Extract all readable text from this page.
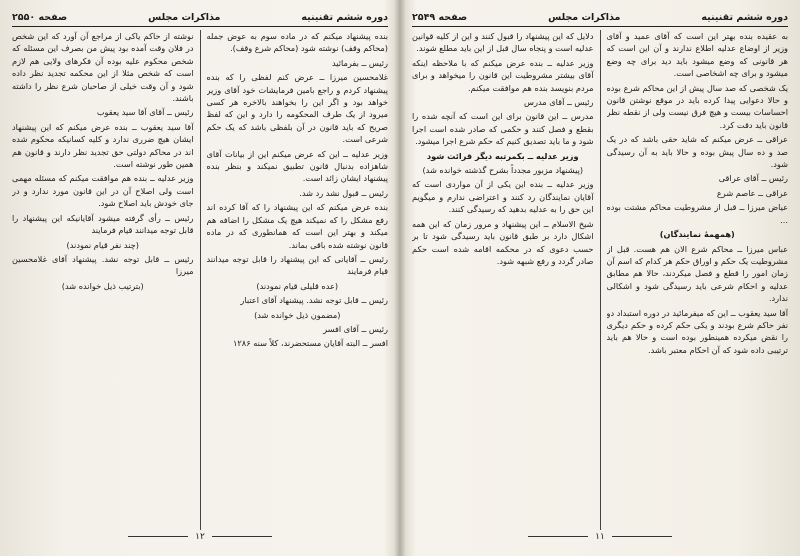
دوره ششم تقنينيه
مذاكرات مجلس
صفحه ۲۵۵۰

بنده پیشنهاد میکنم که در ماده سوم به عوض جمله (محاکم وقف) نوشته شود (محاکم شرع وقف).

رئیس ــ بفرمائید

غلامحسین میرزا ــ عرض کنم لفظی را که بنده پیشنهاد کردم و راجع بامین فرمایشات خود آقای وزیر خواهد بود و اگر این را بخواهند بالاخره هر کسی میرود از یک طرف المحکومه را دارد و این که لفظ صریح که باید قانون در آن بلفظی باشد که یک حکم شرعی است.

وزیر عدلیه ــ این که عرض میکنم این از بیانات آقای شاهزاده بدنبال قانون تطبیق نمیکند و بنظر بنده پیشنهاد ایشان زائد است.

رئیس ــ قبول نشد رد شد.

بنده عرض میکنم که این پیشنهاد را که آقا کرده اند رفع مشکل را که نمیکند هیچ یک مشکل را اضافه هم میکند و بهتر این است که همانطوری که در ماده قانون نوشته شده باقی بماند.

رئیس ــ آقایانی که این پیشنهاد را قابل توجه میدانند قیام فرمایند

(عده قلیلی قیام نمودند)

رئیس ــ قابل توجه نشد. پیشنهاد آقای اعتبار

(مضمون ذیل خوانده شد)

رئیس ــ آقای افسر

افسر ــ البته آقایان مستحضرند، کلاً سنه ۱۲۸۶

نوشته از حاکم یاکی از مراجع آن آورد که این شخص در فلان وقت آمده بود پیش من بصرف این مسئله که شخص محکوم علیه بوده آن فکرهای ولایی هم لازم است که شخص مثلا از این محکمه تجدید نظر داده شود و آن وقت خیلی از صاحبان شرع نظر را داشته باشند.

رئیس ــ آقای آقا سید یعقوب

آقا سید یعقوب ــ بنده عرض میکنم که این پیشنهاد ایشان هیچ ضرری ندارد و کلیه کسانیکه محکوم شده اند در محاکم دولتی حق تجدید نظر دارند و قانون هم همین طور نوشته است.

وزیر عدلیه ــ بنده هم موافقت میکنم که مسئله مهمی است ولی اصلاح آن در این قانون مورد ندارد و در جای خودش باید اصلاح شود.

رئیس ــ رأی گرفته میشود آقایانیکه این پیشنهاد را قابل توجه میدانند قیام فرمایند

(چند نفر قیام نمودند)

رئیس ــ قابل توجه نشد. پیشنهاد آقای غلامحسین میرزا

(بترتیب ذیل خوانده شد)

۱۲
دوره ششم تقنينيه
مذاكرات مجلس
صفحه ۲۵۴۹

به عقیده بنده بهتر این است که آقای عمید و آقای وزیر از اوضاع عدلیه اطلاع ندارند و آن این است که هر قانونی که وضع میشود باید دید برای چه وضع میشود و برای چه اشخاصی است.

یک شخصی که صد سال پیش از این محاکم شرع بوده و حالا دعوایی پیدا کرده باید در موقع نوشتن قانون احساسات بیست و هیچ فرق نیست ولی از نقطه نظر قانون باید دقت کرد.

عراقی ــ عرض میکنم که شاید حقی باشد که در یک صد و ده سال پیش بوده و حالا باید به آن رسیدگی شود.

رئیس ــ آقای عراقی

عراقی ــ عاصم شرع

عیاض میرزا ــ قبل از مشروطیت محاکم مشتت بوده ...

(همهمهٔ نمایندگان)

عباس میرزا ــ محاکم شرع الان هم هست. قبل از مشروطیت یک حکم و اوراق حکم هر کدام که اسم آن زمان امور را قطع و فصل میکردند، حالا هم مطابق عدلیه و احکام شرعی باید رسیدگی شود و اشکالی ندارد.

آقا سید یعقوب ــ این که میفرمائید در دوره استبداد دو نفر حاکم شرع بودند و یکی حکم کرده و حکم دیگری را نقض میکرده همینطور بوده است و حالا هم باید ترتیبی داده شود که آن احکام معتبر باشد.

دلایل که این پیشنهاد را قبول کنند و این از کلیه قوانین عدلیه است و پنجاه سال قبل از این باید مطلع شوند.

وزیر عدلیه ــ بنده عرض میکنم که با ملاحظه اینکه آقای بیشتر مشروطیت این قانون را میخواهد و برای مردم بنویسد بنده هم موافقت میکنم.

رئیس ــ آقای مدرس

مدرس ــ این قانون برای این است که آنچه شده را بقطع و فصل کنند و حکمی که صادر شده است اجرا شود و ما باید تصدیق کنیم که حکم شرع اجرا میشود.

وزیر عدلیه ــ بکمرتبه دیگر قرائت شود

(پیشنهاد مزبور مجدداً بشرح گذشته خوانده شد)

وزیر عدلیه ــ بنده این یکی از آن مواردی است که آقایان نمایندگان رد کنند و اعتراضی ندارم و میگویم این حق را به عدلیه بدهید که رسیدگی کنند.

شیخ الاسلام ــ این پیشنهاد و مرور زمان که این همه اشکال دارد بر طبق قانون باید رسیدگی شود تا بر حسب دعوی که در محکمه اقامه شده است حکم صادر گردد و رفع شبهه شود.

۱۱
